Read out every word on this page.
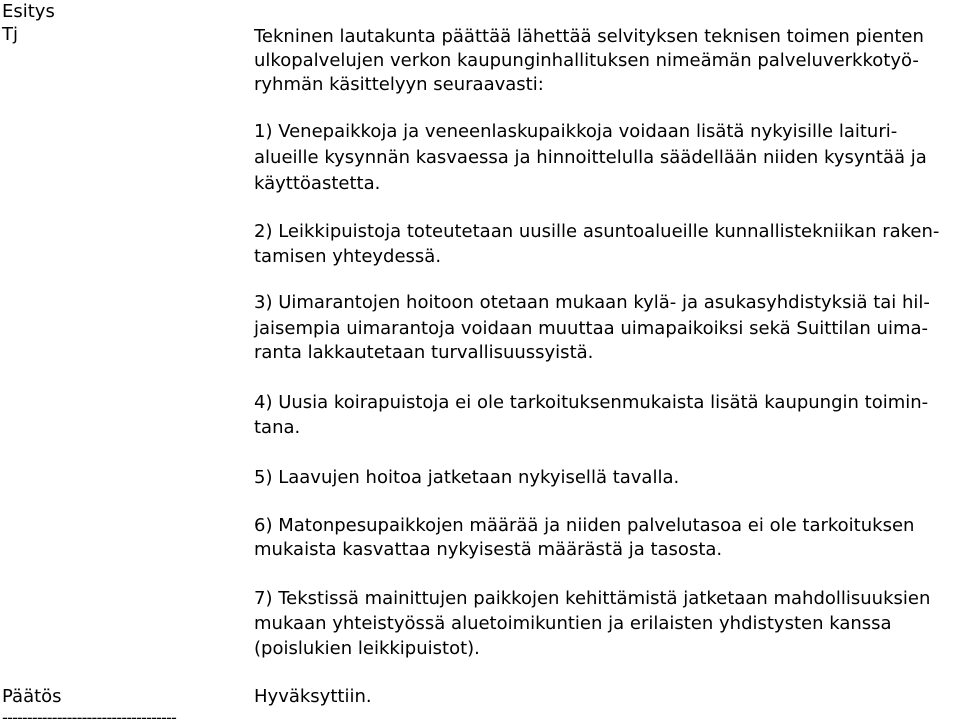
Esitys
Tj	Tekninen lautakunta päättää lähettää selvityksen teknisen toimen pienten
ulkopalvelujen verkon kaupunginhallituksen nimeämän palveluverkkotyö-
ryhmän käsittelyyn seuraavasti:
1) Venepaikkoja ja veneenlaskupaikkoja voidaan lisätä nykyisille laituri-
alueille kysynnän kasvaessa ja hinnoittelulla säädellään niiden kysyntää ja
käyttöastetta.
2) Leikkipuistoja toteutetaan uusille asuntoalueille kunnallistekniikan raken-
tamisen yhteydessä.
3) Uimarantojen hoitoon otetaan mukaan kylä- ja asukasyhdistyksiä tai hil-
jaisempia uimarantoja voidaan muuttaa uimapaikoiksi sekä Suittilan uima-
ranta lakkautetaan turvallisuussyistä.
4) Uusia koirapuistoja ei ole tarkoituksenmukaista lisätä kaupungin toimin-
tana.
5) Laavujen hoitoa jatketaan nykyisellä tavalla.
6) Matonpesupaikkojen määrää ja niiden palvelutasoa ei ole tarkoituksen
mukaista kasvattaa nykyisestä määrästä ja tasosta.
7) Tekstissä mainittujen paikkojen kehittämistä jatketaan mahdollisuuksien
mukaan yhteistyössä aluetoimikuntien ja erilaisten yhdistysten kanssa
(poislukien leikkipuistot).
Päätös	Hyväksyttiin.
-----------------------------------
